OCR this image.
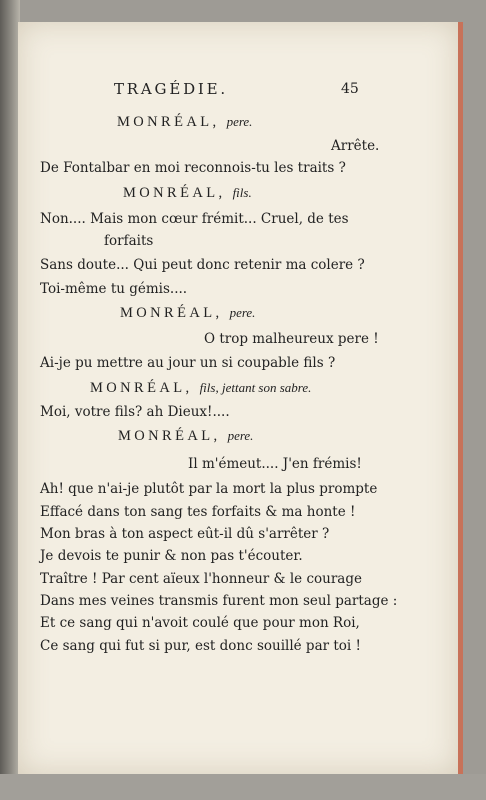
TRAGÉDIE.	45
MONRÉAL, pere.
Arrête.
De Fontalbar en moi reconnois-tu les traits ?
MONRÉAL, fils.
Non.... Mais mon cœur frémit... Cruel, de tes
forfaits
Sans doute... Qui peut donc retenir ma colere ?
Toi-même tu gémis....
MONRÉAL, pere.
O trop malheureux pere !
Ai-je pu mettre au jour un si coupable fils ?
MONRÉAL, fils, jettant son sabre.
Moi, votre fils? ah Dieux!....
MONRÉAL, pere.
Il m'émeut.... J'en frémis!
Ah! que n'ai-je plutôt par la mort la plus prompte
Effacé dans ton sang tes forfaits & ma honte !
Mon bras à ton aspect eût-il dû s'arrêter ?
Je devois te punir & non pas t'écouter.
Traître ! Par cent aïeux l'honneur & le courage
Dans mes veines transmis furent mon seul partage :
Et ce sang qui n'avoit coulé que pour mon Roi,
Ce sang qui fut si pur, est donc souillé par toi !
